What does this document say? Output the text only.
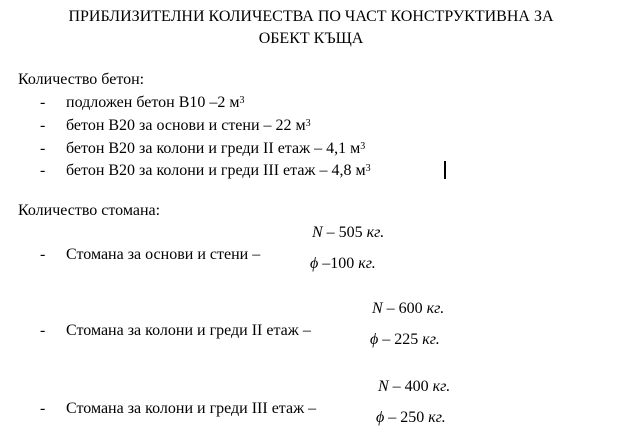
ПРИБЛИЗИТЕЛНИ КОЛИЧЕСТВА ПО ЧАСТ КОНСТРУКТИВНА ЗА
ОБЕКТ КЪЩА
Количество бетон:
- подложен бетон В10 –2 $м^3$
- бетон В20 за основи и стени – 22 $м^3$
- бетон В20 за колони и греди II етаж – 4,1 $м^3$
- бетон В20 за колони и греди III етаж – 4,8 $м^3$
Количество стомана:
N – 505 кг.
- Стомана за основи и стени –
ϕ –100 кг.
N – 600 кг.
- Стомана за колони и греди II етаж –
ϕ – 225 кг.
N – 400 кг.
- Стомана за колони и греди III етаж –
ϕ – 250 кг.
